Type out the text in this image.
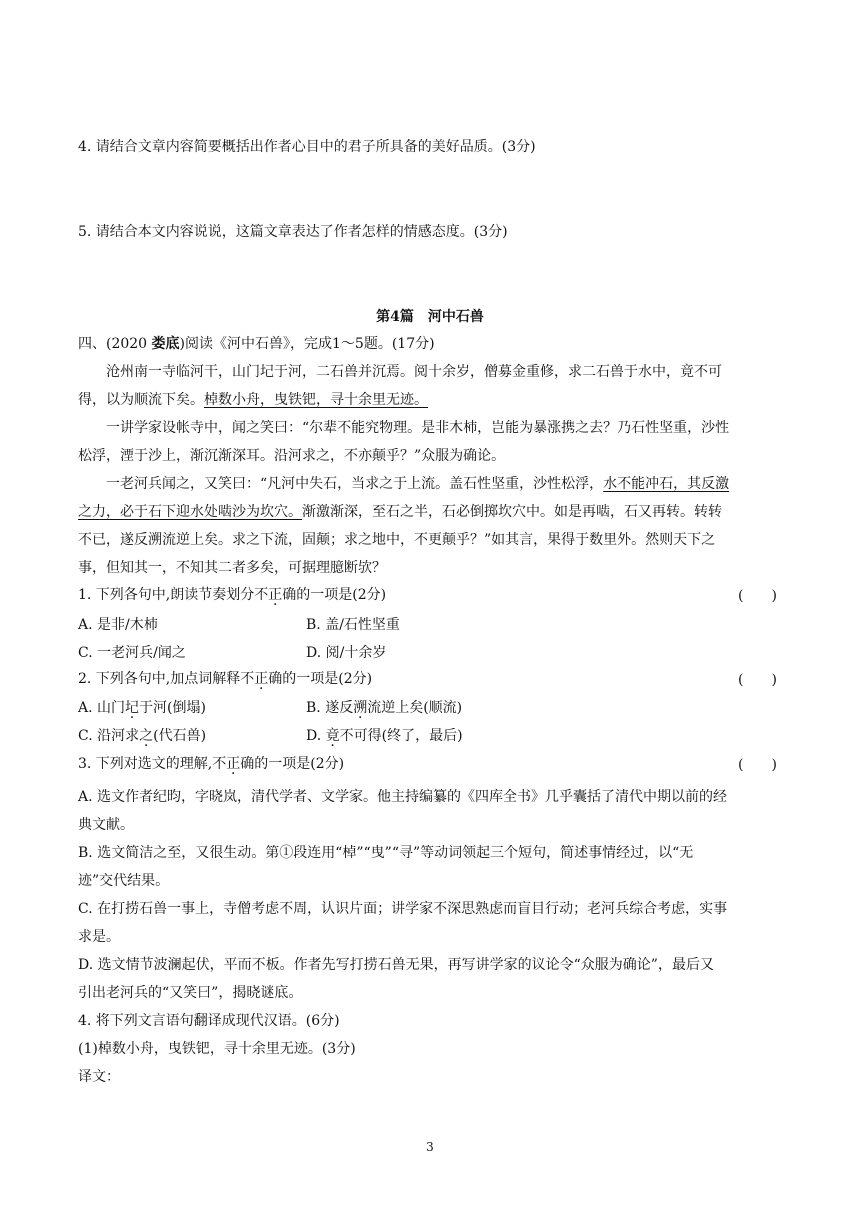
4. 请结合文章内容简要概括出作者心目中的君子所具备的美好品质。(3分)
5. 请结合本文内容说说，这篇文章表达了作者怎样的情感态度。(3分)
第4篇　河中石兽
四、(2020 娄底)阅读《河中石兽》，完成1～5题。(17分)
沧州南一寺临河干，山门圮于河，二石兽并沉焉。阅十余岁，僧募金重修，求二石兽于水中，竟不可
得，以为顺流下矣。棹数小舟，曳铁钯，寻十余里无迹。
一讲学家设帐寺中，闻之笑曰：“尔辈不能究物理。是非木杮，岂能为暴涨携之去？乃石性坚重，沙性
松浮，湮于沙上，渐沉渐深耳。沿河求之，不亦颠乎？”众服为确论。
一老河兵闻之，又笑曰：“凡河中失石，当求之于上流。盖石性坚重，沙性松浮，水不能冲石，其反激
之力，必于石下迎水处啮沙为坎穴。渐激渐深，至石之半，石必倒掷坎穴中。如是再啮，石又再转。转转
不已，遂反溯流逆上矣。求之下流，固颠；求之地中，不更颠乎？”如其言，果得于数里外。然则天下之
事，但知其一，不知其二者多矣，可据理臆断欤？
1. 下列各句中,朗读节奏划分不正确的一项是(2分)	(　　)
A. 是非/木杮	B. 盖/石性坚重
C. 一老河兵/闻之	D. 阅/十余岁
2. 下列各句中,加点词解释不正确的一项是(2分)	(　　)
A. 山门圮于河(倒塌)	B. 遂反溯流逆上矣(顺流)
C. 沿河求之(代石兽)	D. 竟不可得(终了，最后)
3. 下列对选文的理解,不正确的一项是(2分)	(　　)
A. 选文作者纪昀，字晓岚，清代学者、文学家。他主持编纂的《四库全书》几乎囊括了清代中期以前的经
典文献。
B. 选文简洁之至，又很生动。第①段连用“棹”“曳”“寻”等动词领起三个短句，简述事情经过，以“无
迹”交代结果。
C. 在打捞石兽一事上，寺僧考虑不周，认识片面；讲学家不深思熟虑而盲目行动；老河兵综合考虑，实事
求是。
D. 选文情节波澜起伏，平而不板。作者先写打捞石兽无果，再写讲学家的议论令“众服为确论”，最后又
引出老河兵的“又笑曰”，揭晓谜底。
4. 将下列文言语句翻译成现代汉语。(6分)
(1)棹数小舟，曳铁钯，寻十余里无迹。(3分)
译文：
3
